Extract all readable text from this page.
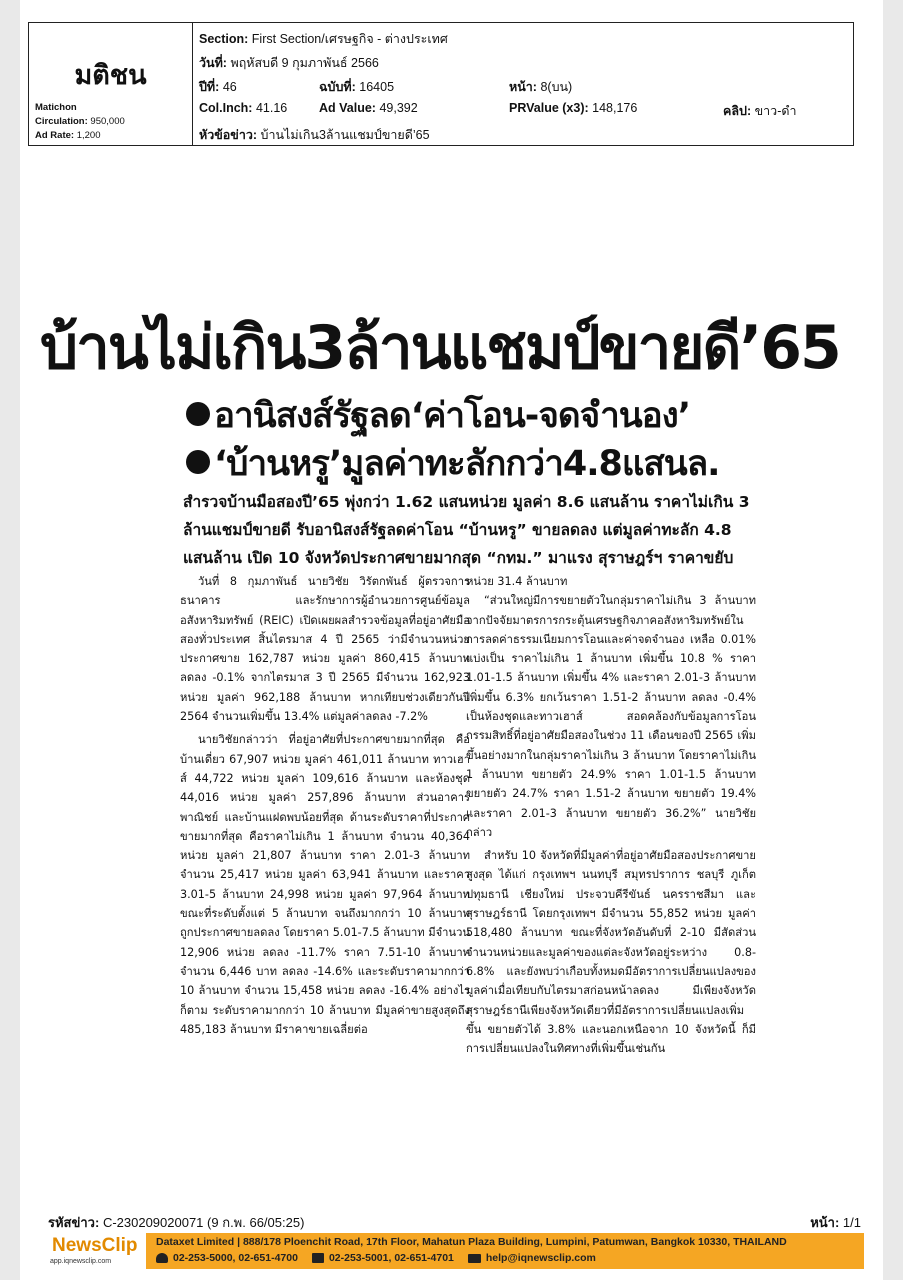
มติชน
Matichon
Circulation: 950,000
Ad Rate: 1,200
Section: First Section/เศรษฐกิจ - ต่างประเทศ
วันที่: พฤหัสบดี 9 กุมภาพันธ์ 2566
ปีที่: 46	ฉบับที่: 16405	หน้า: 8(บน)
Col.Inch: 41.16	Ad Value: 49,392	PRValue (x3): 148,176	คลิป: ขาว-ดำ
หัวข้อข่าว: บ้านไม่เกิน3ล้านแชมป์ขายดี’65
บ้านไม่เกิน3ล้านแชมป์ขายดี’65
อานิสงส์รัฐลด‘ค่าโอน-จดจำนอง’
‘บ้านหรู’มูลค่าทะลักกว่า4.8แสนล.
สำรวจบ้านมือสองปี’65 พุ่งกว่า 1.62 แสนหน่วย มูลค่า 8.6 แสนล้าน ราคาไม่เกิน 3
ล้านแชมป์ขายดี รับอานิสงส์รัฐลดค่าโอน “บ้านหรู” ขายลดลง แต่มูลค่าทะลัก 4.8
แสนล้าน เปิด 10 จังหวัดประกาศขายมากสุด “กทม.” มาแรง สุราษฎร์ฯ ราคาขยับ

วันที่ 8 กุมภาพันธ์ นายวิชัย วิรัตกพันธ์ ผู้ตรวจการธนาคาร และรักษาการผู้อำนวยการศูนย์ข้อมูลอสังหาริมทรัพย์ (REIC) เปิดเผยผลสำรวจข้อมูลที่อยู่อาศัยมือสองทั่วประเทศ สิ้นไตรมาส 4 ปี 2565 ว่ามีจำนวนหน่วยประกาศขาย 162,787 หน่วย มูลค่า 860,415 ล้านบาท ลดลง -0.1% จากไตรมาส 3 ปี 2565 มีจำนวน 162,923 หน่วย มูลค่า 962,188 ล้านบาท หากเทียบช่วงเดียวกันปี 2564 จำนวนเพิ่มขึ้น 13.4% แต่มูลค่าลดลง -7.2%

นายวิชัยกล่าวว่า ที่อยู่อาศัยที่ประกาศขายมากที่สุด คือ บ้านเดี่ยว 67,907 หน่วย มูลค่า 461,011 ล้านบาท ทาวเฮาส์ 44,722 หน่วย มูลค่า 109,616 ล้านบาท และห้องชุด 44,016 หน่วย มูลค่า 257,896 ล้านบาท ส่วนอาคารพาณิชย์ และบ้านแฝดพบน้อยที่สุด ด้านระดับราคาที่ประกาศขายมากที่สุด คือราคาไม่เกิน 1 ล้านบาท จำนวน 40,364 หน่วย มูลค่า 21,807 ล้านบาท ราคา 2.01-3 ล้านบาท จำนวน 25,417 หน่วย มูลค่า 63,941 ล้านบาท และราคา 3.01-5 ล้านบาท 24,998 หน่วย มูลค่า 97,964 ล้านบาท ขณะที่ระดับตั้งแต่ 5 ล้านบาท จนถึงมากกว่า 10 ล้านบาท ถูกประกาศขายลดลง โดยราคา 5.01-7.5 ล้านบาท มีจำนวน 12,906 หน่วย ลดลง -11.7% ราคา 7.51-10 ล้านบาท จำนวน 6,446 บาท ลดลง -14.6% และระดับราคามากกว่า 10 ล้านบาท จำนวน 15,458 หน่วย ลดลง -16.4% อย่างไรก็ตาม ระดับราคามากกว่า 10 ล้านบาท มีมูลค่าขายสูงสุดถึง 485,183 ล้านบาท มีราคาขายเฉลี่ยต่อ

หน่วย 31.4 ล้านบาท

“ส่วนใหญ่มีการขยายตัวในกลุ่มราคาไม่เกิน 3 ล้านบาท จากปัจจัยมาตรการกระตุ้นเศรษฐกิจภาคอสังหาริมทรัพย์ในการลดค่าธรรมเนียมการโอนและค่าจดจำนอง เหลือ 0.01% แบ่งเป็น ราคาไม่เกิน 1 ล้านบาท เพิ่มขึ้น 10.8 % ราคา 1.01-1.5 ล้านบาท เพิ่มขึ้น 4% และราคา 2.01-3 ล้านบาท เพิ่มขึ้น 6.3% ยกเว้นราคา 1.51-2 ล้านบาท ลดลง -0.4% เป็นห้องชุดและทาวเฮาส์ สอดคล้องกับข้อมูลการโอนกรรมสิทธิ์ที่อยู่อาศัยมือสองในช่วง 11 เดือนของปี 2565 เพิ่มขึ้นอย่างมากในกลุ่มราคาไม่เกิน 3 ล้านบาท โดยราคาไม่เกิน 1 ล้านบาท ขยายตัว 24.9% ราคา 1.01-1.5 ล้านบาท ขยายตัว 24.7% ราคา 1.51-2 ล้านบาท ขยายตัว 19.4% และราคา 2.01-3 ล้านบาท ขยายตัว 36.2%” นายวิชัยกล่าว

สำหรับ 10 จังหวัดที่มีมูลค่าที่อยู่อาศัยมือสองประกาศขายสูงสุด ได้แก่ กรุงเทพฯ นนทบุรี สมุทรปราการ ชลบุรี ภูเก็ต ปทุมธานี เชียงใหม่ ประจวบคีรีขันธ์ นครราชสีมา และสุราษฎร์ธานี โดยกรุงเทพฯ มีจำนวน 55,852 หน่วย มูลค่า 518,480 ล้านบาท ขณะที่จังหวัดอันดับที่ 2-10 มีสัดส่วนจำนวนหน่วยและมูลค่าของแต่ละจังหวัดอยู่ระหว่าง 0.8-6.8% และยังพบว่าเกือบทั้งหมดมีอัตราการเปลี่ยนแปลงของมูลค่าเมื่อเทียบกับไตรมาสก่อนหน้าลดลง มีเพียงจังหวัดสุราษฎร์ธานีเพียงจังหวัดเดียวที่มีอัตราการเปลี่ยนแปลงเพิ่มขึ้น ขยายตัวได้ 3.8% และนอกเหนือจาก 10 จังหวัดนี้ ก็มีการเปลี่ยนแปลงในทิศทางที่เพิ่มขึ้นเช่นกัน

รหัสข่าว: C-230209020071 (9 ก.พ. 66/05:25)	หน้า: 1/1
NewsClip
app.iqnewsclip.com
Dataxet Limited | 888/178 Ploenchit Road, 17th Floor, Mahatun Plaza Building, Lumpini, Patumwan, Bangkok 10330, THAILAND
02-253-5000, 02-651-4700	02-253-5001, 02-651-4701	help@iqnewsclip.com
